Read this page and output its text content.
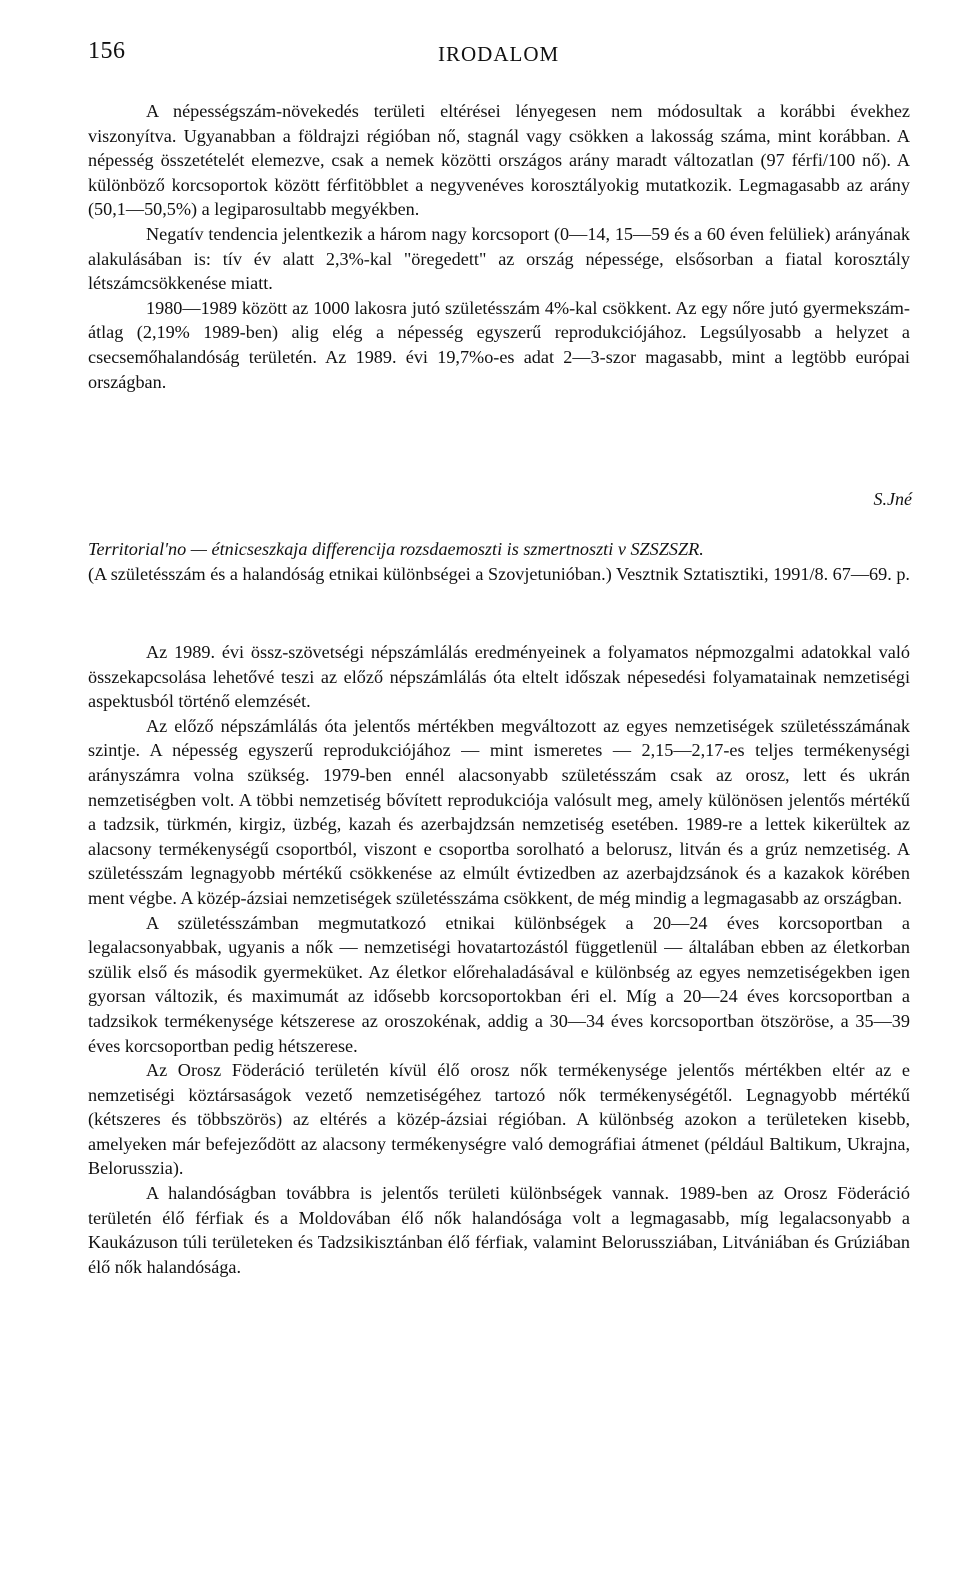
156	IRODALOM

A népességszám-növekedés területi eltérései lényegesen nem módosultak a korábbi évekhez viszonyítva. Ugyanabban a földrajzi régióban nő, stagnál vagy csökken a lakosság száma, mint korábban. A népesség összetételét elemezve, csak a nemek közötti országos arány maradt változatlan (97 férfi/100 nő). A különböző korcsoportok között férfitöbblet a negyvenéves korosztályokig mutatkozik. Legmagasabb az arány (50,1—50,5%) a legiparosultabb megyékben.

Negatív tendencia jelentkezik a három nagy korcsoport (0—14, 15—59 és a 60 éven felüliek) arányának alakulásában is: tív év alatt 2,3%-kal "öregedett" az ország népessége, elsősorban a fiatal korosztály létszámcsökkenése miatt.

1980—1989 között az 1000 lakosra jutó születésszám 4%-kal csökkent. Az egy nőre jutó gyermekszám-átlag (2,19% 1989-ben) alig elég a népesség egyszerű reprodukciójához. Legsúlyosabb a helyzet a csecsemőhalandóság területén. Az 1989. évi 19,7%o-es adat 2—3-szor magasabb, mint a legtöbb európai országban.

S.Jné
Territorial'no — étnicseszkaja differencija rozsdaemoszti is szmertnoszti v SZSZSZR.
(A születésszám és a halandóság etnikai különbségei a Szovjetunióban.) Vesztnik Sztatisztiki, 1991/8. 67—69. p.

Az 1989. évi össz-szövetségi népszámlálás eredményeinek a folyamatos népmozgalmi adatokkal való összekapcsolása lehetővé teszi az előző népszámlálás óta eltelt időszak népesedési folyamatainak nemzetiségi aspektusból történő elemzését.

Az előző népszámlálás óta jelentős mértékben megváltozott az egyes nemzetiségek születésszámának szintje. A népesség egyszerű reprodukciójához — mint ismeretes — 2,15—2,17-es teljes termékenységi arányszámra volna szükség. 1979-ben ennél alacsonyabb születésszám csak az orosz, lett és ukrán nemzetiségben volt. A többi nemzetiség bővített reprodukciója valósult meg, amely különösen jelentős mértékű a tadzsik, türkmén, kirgiz, üzbég, kazah és azerbajdzsán nemzetiség esetében. 1989-re a lettek kikerültek az alacsony termékenységű csoportból, viszont e csoportba sorolható a belorusz, litván és a grúz nemzetiség. A születésszám legnagyobb mértékű csökkenése az elmúlt évtizedben az azerbajdzsánok és a kazakok körében ment végbe. A közép-ázsiai nemzetiségek születésszáma csökkent, de még mindig a legmagasabb az országban.

A születésszámban megmutatkozó etnikai különbségek a 20—24 éves korcsoportban a legalacsonyabbak, ugyanis a nők — nemzetiségi hovatartozástól függetlenül — általában ebben az életkorban szülik első és második gyermeküket. Az életkor előrehaladásával e különbség az egyes nemzetiségekben igen gyorsan változik, és maximumát az idősebb korcsoportokban éri el. Míg a 20—24 éves korcsoportban a tadzsikok termékenysége kétszerese az oroszokénak, addig a 30—34 éves korcsoportban ötszöröse, a 35—39 éves korcsoportban pedig hétszerese.

Az Orosz Föderáció területén kívül élő orosz nők termékenysége jelentős mértékben eltér az e nemzetiségi köztársaságok vezető nemzetiségéhez tartozó nők termékenységétől. Legnagyobb mértékű (kétszeres és többszörös) az eltérés a közép-ázsiai régióban. A különbség azokon a területeken kisebb, amelyeken már befejeződött az alacsony termékenységre való demográfiai átmenet (például Baltikum, Ukrajna, Belorusszia).

A halandóságban továbbra is jelentős területi különbségek vannak. 1989-ben az Orosz Föderáció területén élő férfiak és a Moldovában élő nők halandósága volt a legmagasabb, míg legalacsonyabb a Kaukázuson túli területeken és Tadzsikisztánban élő férfiak, valamint Belorussziában, Litvániában és Grúziában élő nők halandósága.
